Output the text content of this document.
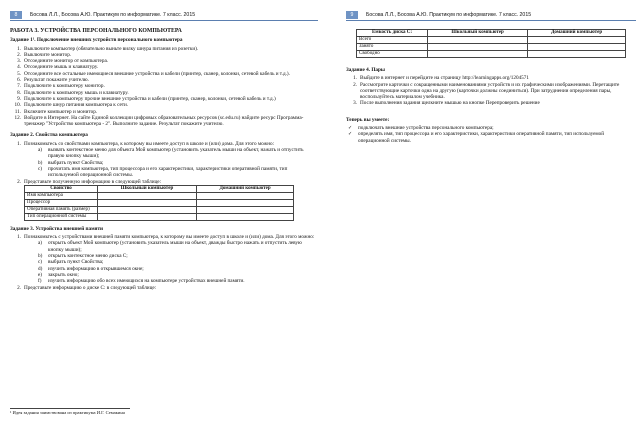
8 Босова Л.Л., Босова А.Ю. Практикум по информатике. 7 класс. 2015
РАБОТА 3. УСТРОЙСТВА ПЕРСОНАЛЬНОГО КОМПЬЮТЕРА
Задание 1¹. Подключение внешних устройств персонального компьютера
1. Выключите компьютер (обязательно выньте вилку шнура питания из розетки).
2. Выключите монитор.
3. Отсоедините монитор от компьютера.
4. Отсоедините мышь и клавиатуру.
5. Отсоедините все остальные имеющиеся внешние устройства и кабели (принтер, сканер, колонки, сетевой кабель и т.д.).
6. Результат покажите учителю.
7. Подключите к компьютеру монитор.
8. Подключите к компьютеру мышь и клавиатуру.
9. Подключите к компьютеру прочие внешние устройства и кабели (принтер, сканер, колонки, сетевой кабель и т.д.)
10. Подключите шнур питания компьютера к сети.
11. Включите компьютер и монитор.
12. Войдите в Интернет. На сайте Единой коллекции цифровых образовательных ресурсов (sc.edu.ru) найдите ресурс Программа-тренажер "Устройство компьютера - 2". Выполните задание. Результат покажите учителю.
Задание 2. Свойства компьютера
1. Познакомьтесь со свойствами компьютера, к которому вы имеете доступ в школе и (или) дома. Для этого можно:
a) вызвать контекстное меню для объекта Мой компьютер (установить указатель мыши на объект, нажать и отпустить правую кнопку мыши);
b) выбрать пункт Свойства;
c) прочитать имя компьютера, тип процессора и его характеристики, характеристики оперативной памяти, тип используемой операционной системы.
2. Представьте полученную информацию в следующей таблице:
Свойство	Школьный компьютер	Домашний компьютер
Имя компьютера		
Процессор		
Оперативная память (размер)		
Тип операционной системы		
Задание 3. Устройства внешней памяти
1. Познакомьтесь с устройствами внешней памяти компьютера, к которому вы имеете доступ в школе и (или) дома. Для этого можно:
a) открыть объект Мой компьютер (установить указатель мыши на объект, дважды быстро нажать и отпустить левую кнопку мыши);
b) открыть контекстное меню диска С;
c) выбрать пункт Свойства;
d) изучить информацию в открывшемся окне;
e) закрыть окно;
f) изучить информацию обо всех имеющихся на компьютере устройствах внешней памяти.
2. Представьте информацию о диске С: в следующей таблице:
¹ Идея задания заимствована из практикума И.Г. Семакина
9 Босова Л.Л., Босова А.Ю. Практикум по информатике. 7 класс. 2015
Емкость диска С:	Школьный компьютер	Домашний компьютер
Всего		
Занято		
Свободно		
Задание 4. Пары
1. Выйдите в интернет и перейдите на страницу http://learningapps.org/1204571
2. Рассмотрите карточки с сокращенными наименованиями устройств и их графическими изображениями. Перетащите соответствующие карточки одна на другую (карточки должны соединиться). При затруднении определения пары, воспользуйтесь материалом учебника.
3. После выполнения задания щелкните мышью на кнопке Перепроверить решение
Теперь вы умеете:
✓ подключать внешние устройства персонального компьютера;
✓ определять имя, тип процессора и его характеристики, характеристики оперативной памяти, тип используемой операционной системы.
